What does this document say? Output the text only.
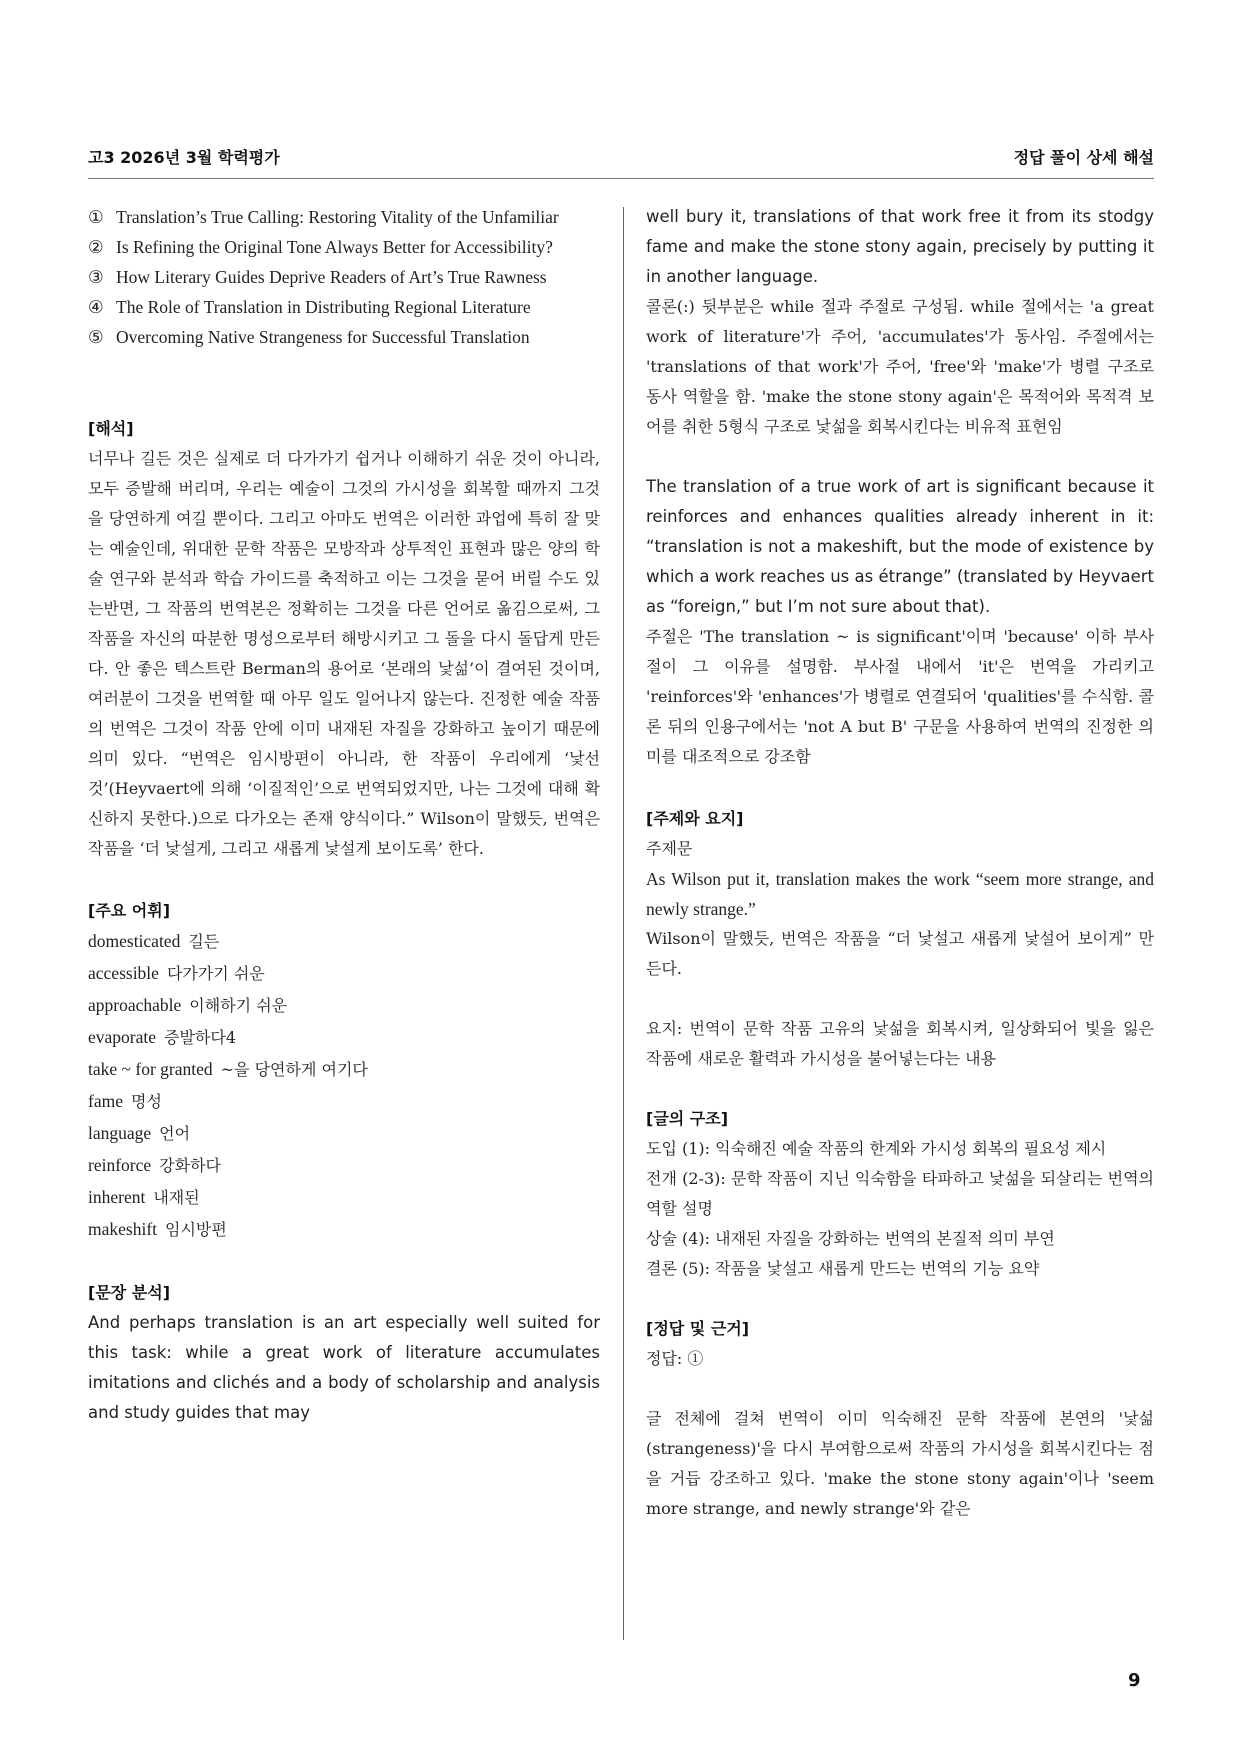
고3 2026년 3월 학력평가	정답 풀이 상세 해설
① Translation’s True Calling: Restoring Vitality of the Unfamiliar
② Is Refining the Original Tone Always Better for Accessibility?
③ How Literary Guides Deprive Readers of Art’s True Rawness
④ The Role of Translation in Distributing Regional Literature
⑤ Overcoming Native Strangeness for Successful Translation
[해석]
너무나 길든 것은 실제로 더 다가가기 쉽거나 이해하기 쉬운 것이 아니라, 모두 증발해 버리며, 우리는 예술이 그것의 가시성을 회복할 때까지 그것을 당연하게 여길 뿐이다. 그리고 아마도 번역은 이러한 과업에 특히 잘 맞는 예술인데, 위대한 문학 작품은 모방작과 상투적인 표현과 많은 양의 학술 연구와 분석과 학습 가이드를 축적하고 이는 그것을 묻어 버릴 수도 있는반면, 그 작품의 번역본은 정확히는 그것을 다른 언어로 옮김으로써, 그 작품을 자신의 따분한 명성으로부터 해방시키고 그 돌을 다시 돌답게 만든다. 안 좋은 텍스트란 Berman의 용어로 ‘본래의 낯섦’이 결여된 것이며, 여러분이 그것을 번역할 때 아무 일도 일어나지 않는다. 진정한 예술 작품의 번역은 그것이 작품 안에 이미 내재된 자질을 강화하고 높이기 때문에 의미 있다. “번역은 임시방편이 아니라, 한 작품이 우리에게 ‘낯선 것’(Heyvaert에 의해 ‘이질적인’으로 번역되었지만, 나는 그것에 대해 확신하지 못한다.)으로 다가오는 존재 양식이다.” Wilson이 말했듯, 번역은 작품을 ‘더 낯설게, 그리고 새롭게 낯설게 보이도록’ 한다.
[주요 어휘]
domesticated 길든
accessible 다가가기 쉬운
approachable 이해하기 쉬운
evaporate 증발하다4
take ~ for granted ~을 당연하게 여기다
fame 명성
language 언어
reinforce 강화하다
inherent 내재된
makeshift 임시방편
[문장 분석]
And perhaps translation is an art especially well suited for this task: while a great work of literature accumulates imitations and clichés and a body of scholarship and analysis and study guides that may
well bury it, translations of that work free it from its stodgy fame and make the stone stony again, precisely by putting it in another language.
콜론(:) 뒷부분은 while 절과 주절로 구성됨. while 절에서는 'a great work of literature'가 주어, 'accumulates'가 동사임. 주절에서는 'translations of that work'가 주어, 'free'와 'make'가 병렬 구조로 동사 역할을 함. 'make the stone stony again'은 목적어와 목적격 보어를 취한 5형식 구조로 낯섦을 회복시킨다는 비유적 표현임
The translation of a true work of art is significant because it reinforces and enhances qualities already inherent in it: “translation is not a makeshift, but the mode of existence by which a work reaches us as étrange” (translated by Heyvaert as “foreign,” but I’m not sure about that).
주절은 'The translation ~ is significant'이며 'because' 이하 부사절이 그 이유를 설명함. 부사절 내에서 'it'은 번역을 가리키고 'reinforces'와 'enhances'가 병렬로 연결되어 'qualities'를 수식함. 콜론 뒤의 인용구에서는 'not A but B' 구문을 사용하여 번역의 진정한 의미를 대조적으로 강조함
[주제와 요지]
주제문
As Wilson put it, translation makes the work “seem more strange, and newly strange.”
Wilson이 말했듯, 번역은 작품을 “더 낯설고 새롭게 낯설어 보이게” 만든다.
요지: 번역이 문학 작품 고유의 낯섦을 회복시켜, 일상화되어 빛을 잃은 작품에 새로운 활력과 가시성을 불어넣는다는 내용
[글의 구조]
도입 (1): 익숙해진 예술 작품의 한계와 가시성 회복의 필요성 제시
전개 (2-3): 문학 작품이 지닌 익숙함을 타파하고 낯섦을 되살리는 번역의 역할 설명
상술 (4): 내재된 자질을 강화하는 번역의 본질적 의미 부연
결론 (5): 작품을 낯설고 새롭게 만드는 번역의 기능 요약
[정답 및 근거]
정답: ①
글 전체에 걸쳐 번역이 이미 익숙해진 문학 작품에 본연의 '낯섦(strangeness)'을 다시 부여함으로써 작품의 가시성을 회복시킨다는 점을 거듭 강조하고 있다. 'make the stone stony again'이나 'seem more strange, and newly strange'와 같은
9
